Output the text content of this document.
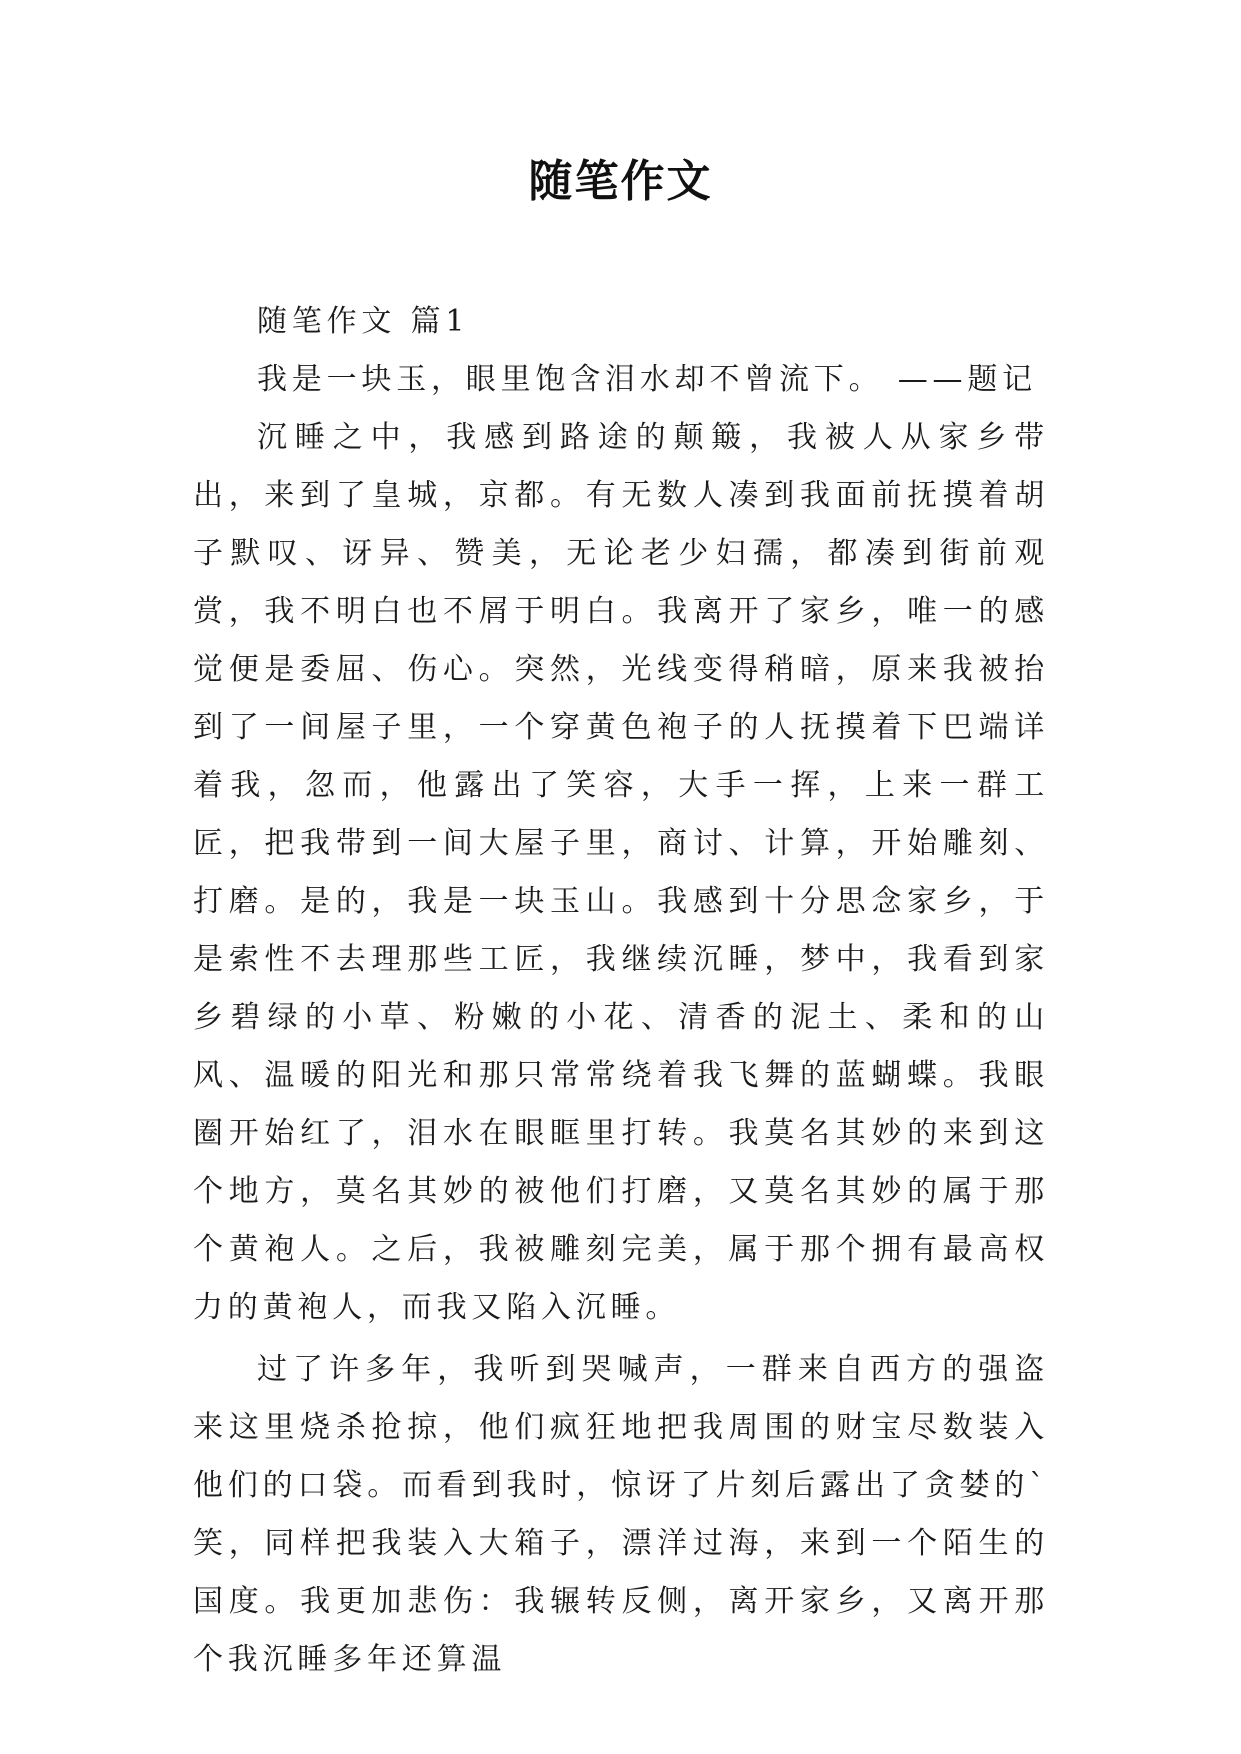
随笔作文

随笔作文 篇1

我是一块玉，眼里饱含泪水却不曾流下。 ——题记

沉睡之中，我感到路途的颠簸，我被人从家乡带出，来到了皇城，京都。有无数人凑到我面前抚摸着胡子默叹、讶异、赞美，无论老少妇孺，都凑到街前观赏，我不明白也不屑于明白。我离开了家乡，唯一的感觉便是委屈、伤心。突然，光线变得稍暗，原来我被抬到了一间屋子里，一个穿黄色袍子的人抚摸着下巴端详着我，忽而，他露出了笑容，大手一挥，上来一群工匠，把我带到一间大屋子里，商讨、计算，开始雕刻、打磨。是的，我是一块玉山。我感到十分思念家乡，于是索性不去理那些工匠，我继续沉睡，梦中，我看到家乡碧绿的小草、粉嫩的小花、清香的泥土、柔和的山风、温暖的阳光和那只常常绕着我飞舞的蓝蝴蝶。我眼圈开始红了，泪水在眼眶里打转。我莫名其妙的来到这个地方，莫名其妙的被他们打磨，又莫名其妙的属于那个黄袍人。之后，我被雕刻完美，属于那个拥有最高权力的黄袍人，而我又陷入沉睡。

过了许多年，我听到哭喊声，一群来自西方的强盗来这里烧杀抢掠，他们疯狂地把我周围的财宝尽数装入他们的口袋。而看到我时，惊讶了片刻后露出了贪婪的`笑，同样把我装入大箱子，漂洋过海，来到一个陌生的国度。我更加悲伤：我辗转反侧，离开家乡，又离开那个我沉睡多年还算温
